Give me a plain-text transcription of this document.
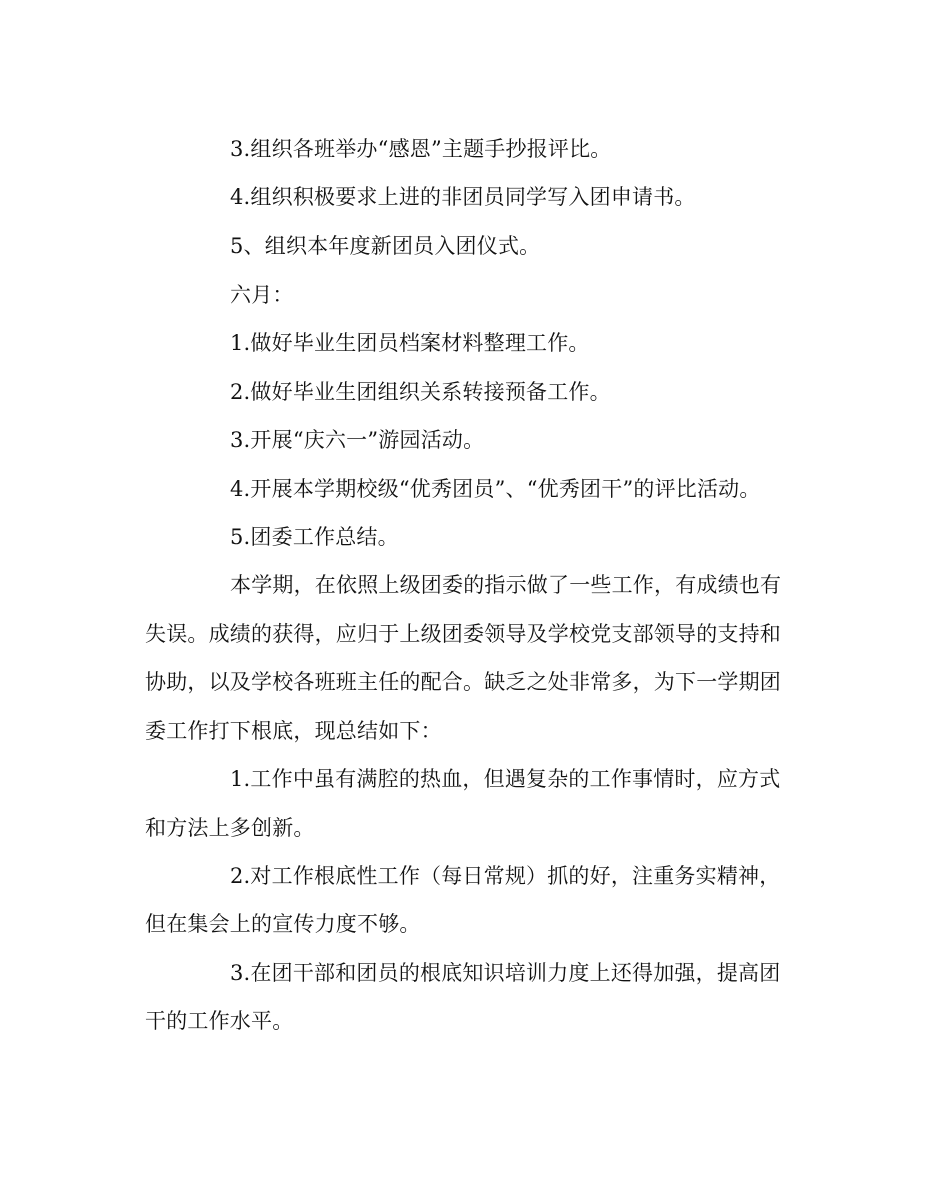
3.组织各班举办“感恩”主题手抄报评比。
4.组织积极要求上进的非团员同学写入团申请书。
5、组织本年度新团员入团仪式。
六月：
1.做好毕业生团员档案材料整理工作。
2.做好毕业生团组织关系转接预备工作。
3.开展“庆六一”游园活动。
4.开展本学期校级“优秀团员”、“优秀团干”的评比活动。
5.团委工作总结。
本学期，在依照上级团委的指示做了一些工作，有成绩也有
失误。成绩的获得，应归于上级团委领导及学校党支部领导的支持和
协助，以及学校各班班主任的配合。缺乏之处非常多，为下一学期团
委工作打下根底，现总结如下：
1.工作中虽有满腔的热血，但遇复杂的工作事情时，应方式
和方法上多创新。
2.对工作根底性工作（每日常规）抓的好，注重务实精神，
但在集会上的宣传力度不够。
3.在团干部和团员的根底知识培训力度上还得加强，提高团
干的工作水平。
